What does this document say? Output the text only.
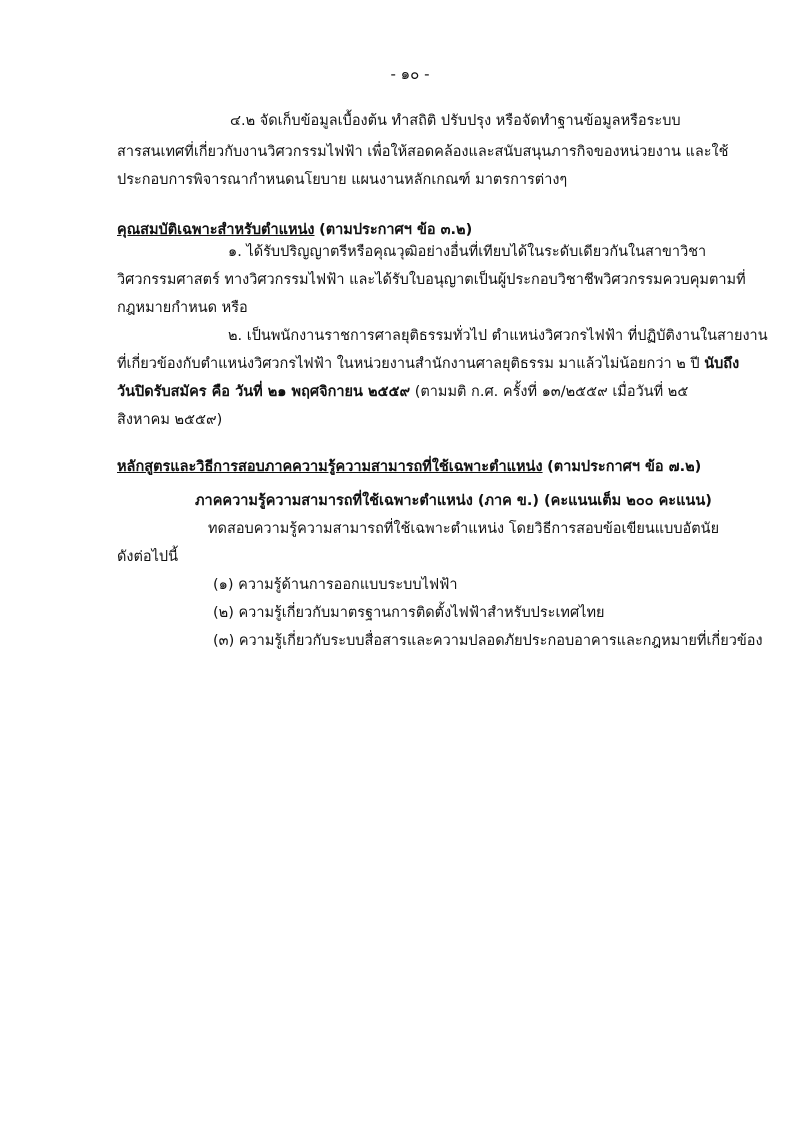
- ๑๐ -
๔.๒ จัดเก็บข้อมูลเบื้องต้น ทำสถิติ ปรับปรุง หรือจัดทำฐานข้อมูลหรือระบบ
สารสนเทศที่เกี่ยวกับงานวิศวกรรมไฟฟ้า เพื่อให้สอดคล้องและสนับสนุนภารกิจของหน่วยงาน และใช้
ประกอบการพิจารณากำหนดนโยบาย แผนงานหลักเกณฑ์ มาตรการต่างๆ
คุณสมบัติเฉพาะสำหรับตำแหน่ง (ตามประกาศฯ ข้อ ๓.๒)
๑. ได้รับปริญญาตรีหรือคุณวุฒิอย่างอื่นที่เทียบได้ในระดับเดียวกันในสาขาวิชา
วิศวกรรมศาสตร์ ทางวิศวกรรมไฟฟ้า และได้รับใบอนุญาตเป็นผู้ประกอบวิชาชีพวิศวกรรมควบคุมตามที่
กฎหมายกำหนด หรือ
๒. เป็นพนักงานราชการศาลยุติธรรมทั่วไป ตำแหน่งวิศวกรไฟฟ้า ที่ปฏิบัติงานในสายงาน
ที่เกี่ยวข้องกับตำแหน่งวิศวกรไฟฟ้า ในหน่วยงานสำนักงานศาลยุติธรรม มาแล้วไม่น้อยกว่า ๒ ปี นับถึง
วันปิดรับสมัคร คือ วันที่ ๒๑ พฤศจิกายน ๒๕๕๙ (ตามมติ ก.ศ. ครั้งที่ ๑๓/๒๕๕๙ เมื่อวันที่ ๒๕
สิงหาคม ๒๕๕๙)
หลักสูตรและวิธีการสอบภาคความรู้ความสามารถที่ใช้เฉพาะตำแหน่ง (ตามประกาศฯ ข้อ ๗.๒)
ภาคความรู้ความสามารถที่ใช้เฉพาะตำแหน่ง (ภาค ข.) (คะแนนเต็ม ๒๐๐ คะแนน)
ทดสอบความรู้ความสามารถที่ใช้เฉพาะตำแหน่ง โดยวิธีการสอบข้อเขียนแบบอัตนัย
ดังต่อไปนี้
(๑) ความรู้ด้านการออกแบบระบบไฟฟ้า
(๒) ความรู้เกี่ยวกับมาตรฐานการติดตั้งไฟฟ้าสำหรับประเทศไทย
(๓) ความรู้เกี่ยวกับระบบสื่อสารและความปลอดภัยประกอบอาคารและกฎหมายที่เกี่ยวข้อง
